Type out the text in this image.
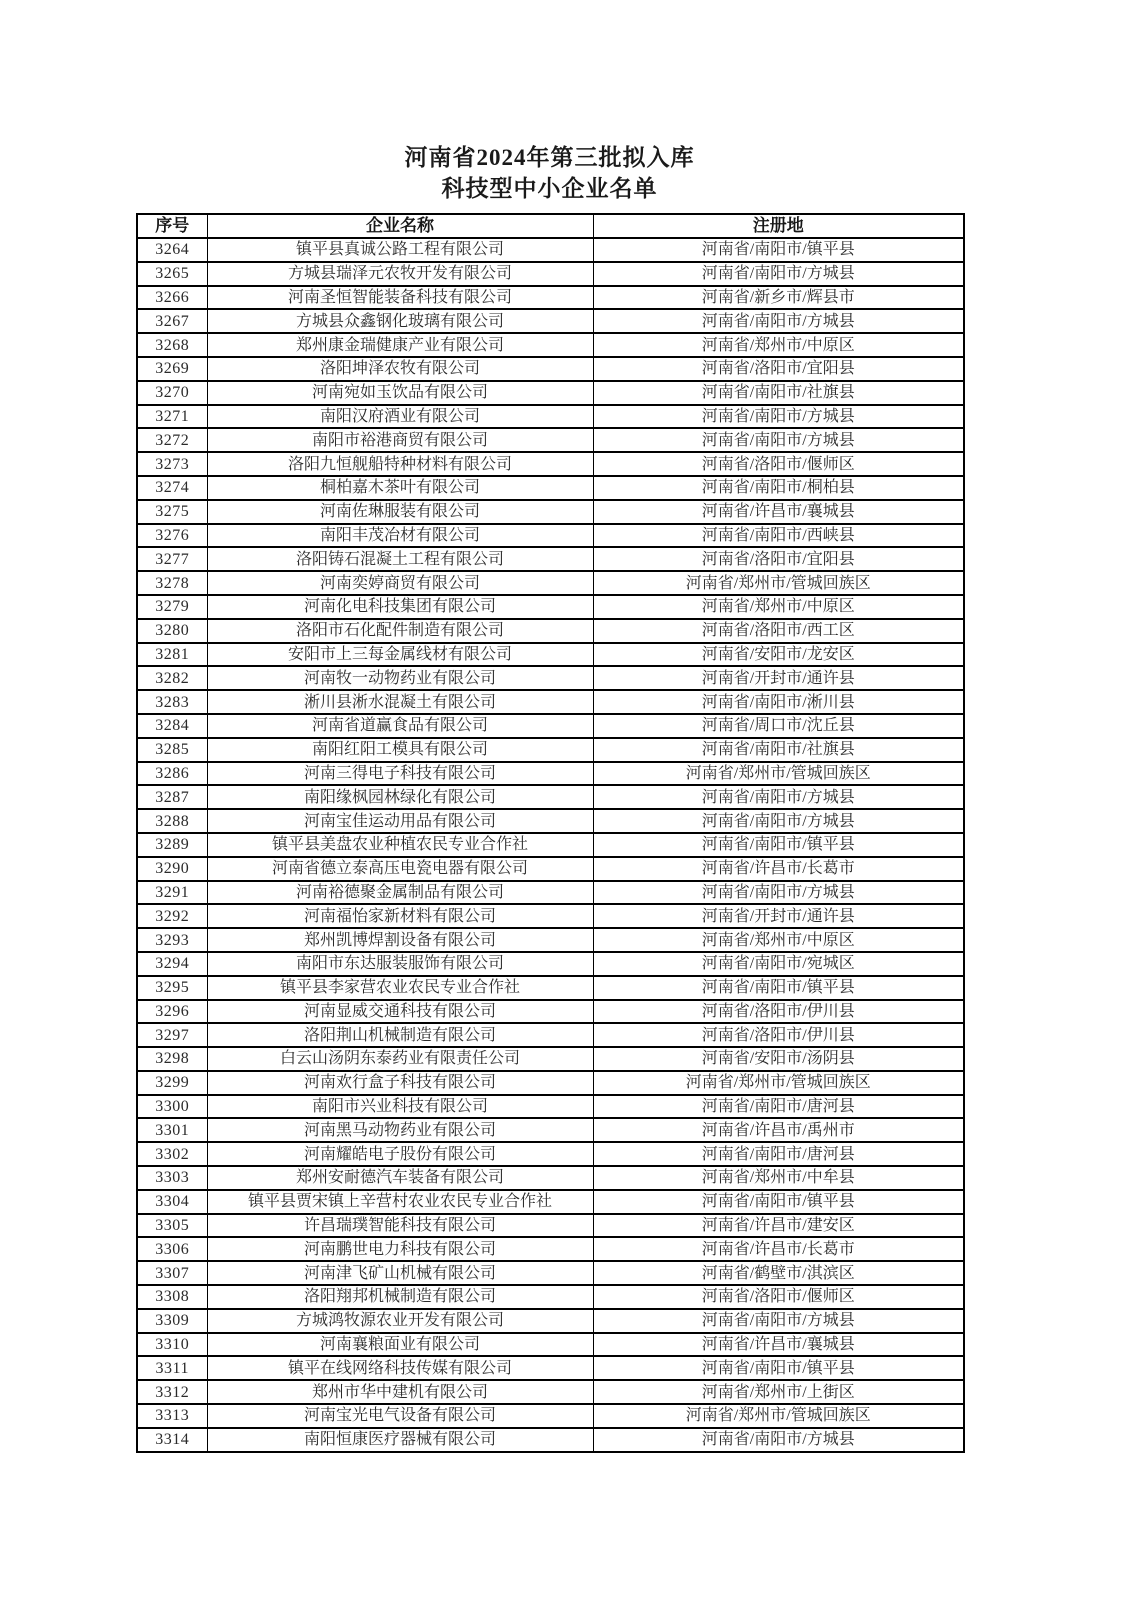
河南省2024年第三批拟入库
科技型中小企业名单
序号	企业名称	注册地
3264	镇平县真诚公路工程有限公司	河南省/南阳市/镇平县
3265	方城县瑞泽元农牧开发有限公司	河南省/南阳市/方城县
3266	河南圣恒智能装备科技有限公司	河南省/新乡市/辉县市
3267	方城县众鑫钢化玻璃有限公司	河南省/南阳市/方城县
3268	郑州康金瑞健康产业有限公司	河南省/郑州市/中原区
3269	洛阳坤泽农牧有限公司	河南省/洛阳市/宜阳县
3270	河南宛如玉饮品有限公司	河南省/南阳市/社旗县
3271	南阳汉府酒业有限公司	河南省/南阳市/方城县
3272	南阳市裕港商贸有限公司	河南省/南阳市/方城县
3273	洛阳九恒舰船特种材料有限公司	河南省/洛阳市/偃师区
3274	桐柏嘉木茶叶有限公司	河南省/南阳市/桐柏县
3275	河南佐琳服装有限公司	河南省/许昌市/襄城县
3276	南阳丰茂冶材有限公司	河南省/南阳市/西峡县
3277	洛阳铸石混凝土工程有限公司	河南省/洛阳市/宜阳县
3278	河南奕婷商贸有限公司	河南省/郑州市/管城回族区
3279	河南化电科技集团有限公司	河南省/郑州市/中原区
3280	洛阳市石化配件制造有限公司	河南省/洛阳市/西工区
3281	安阳市上三每金属线材有限公司	河南省/安阳市/龙安区
3282	河南牧一动物药业有限公司	河南省/开封市/通许县
3283	淅川县淅水混凝土有限公司	河南省/南阳市/淅川县
3284	河南省道赢食品有限公司	河南省/周口市/沈丘县
3285	南阳红阳工模具有限公司	河南省/南阳市/社旗县
3286	河南三得电子科技有限公司	河南省/郑州市/管城回族区
3287	南阳缘枫园林绿化有限公司	河南省/南阳市/方城县
3288	河南宝佳运动用品有限公司	河南省/南阳市/方城县
3289	镇平县美盘农业种植农民专业合作社	河南省/南阳市/镇平县
3290	河南省德立泰高压电瓷电器有限公司	河南省/许昌市/长葛市
3291	河南裕德聚金属制品有限公司	河南省/南阳市/方城县
3292	河南福怡家新材料有限公司	河南省/开封市/通许县
3293	郑州凯博焊割设备有限公司	河南省/郑州市/中原区
3294	南阳市东达服装服饰有限公司	河南省/南阳市/宛城区
3295	镇平县李家营农业农民专业合作社	河南省/南阳市/镇平县
3296	河南显威交通科技有限公司	河南省/洛阳市/伊川县
3297	洛阳荆山机械制造有限公司	河南省/洛阳市/伊川县
3298	白云山汤阴东泰药业有限责任公司	河南省/安阳市/汤阴县
3299	河南欢行盒子科技有限公司	河南省/郑州市/管城回族区
3300	南阳市兴业科技有限公司	河南省/南阳市/唐河县
3301	河南黑马动物药业有限公司	河南省/许昌市/禹州市
3302	河南耀皓电子股份有限公司	河南省/南阳市/唐河县
3303	郑州安耐德汽车装备有限公司	河南省/郑州市/中牟县
3304	镇平县贾宋镇上辛营村农业农民专业合作社	河南省/南阳市/镇平县
3305	许昌瑞璞智能科技有限公司	河南省/许昌市/建安区
3306	河南鹏世电力科技有限公司	河南省/许昌市/长葛市
3307	河南津飞矿山机械有限公司	河南省/鹤壁市/淇滨区
3308	洛阳翔邦机械制造有限公司	河南省/洛阳市/偃师区
3309	方城鸿牧源农业开发有限公司	河南省/南阳市/方城县
3310	河南襄粮面业有限公司	河南省/许昌市/襄城县
3311	镇平在线网络科技传媒有限公司	河南省/南阳市/镇平县
3312	郑州市华中建机有限公司	河南省/郑州市/上街区
3313	河南宝光电气设备有限公司	河南省/郑州市/管城回族区
3314	南阳恒康医疗器械有限公司	河南省/南阳市/方城县
